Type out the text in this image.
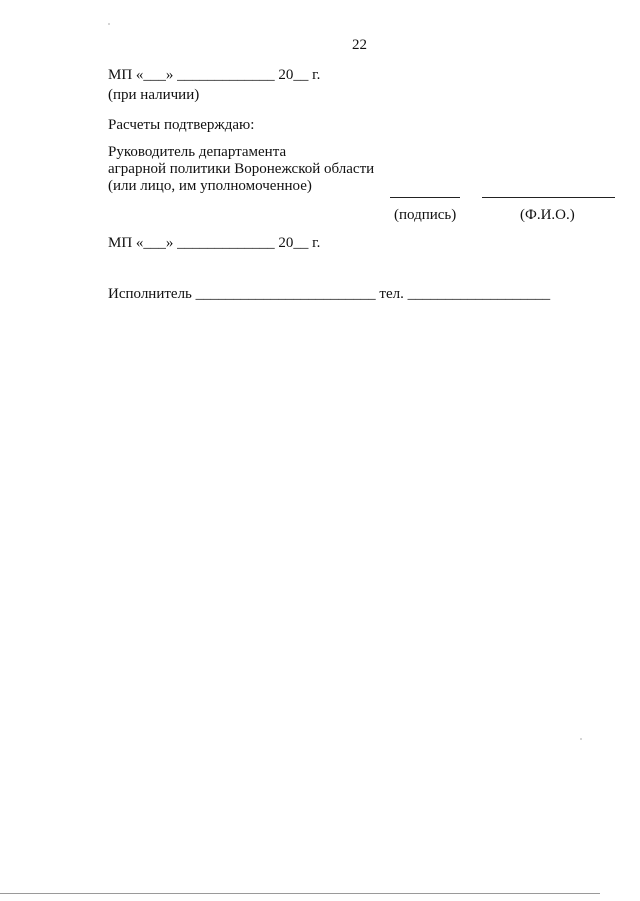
22
МП «___» _____________ 20__ г.
(при наличии)
Расчеты подтверждаю:
Руководитель департамента
аграрной политики Воронежской области
(или лицо, им уполномоченное)
(подпись)	(Ф.И.О.)
МП «___» _____________ 20__ г.
Исполнитель ________________________ тел. ___________________
